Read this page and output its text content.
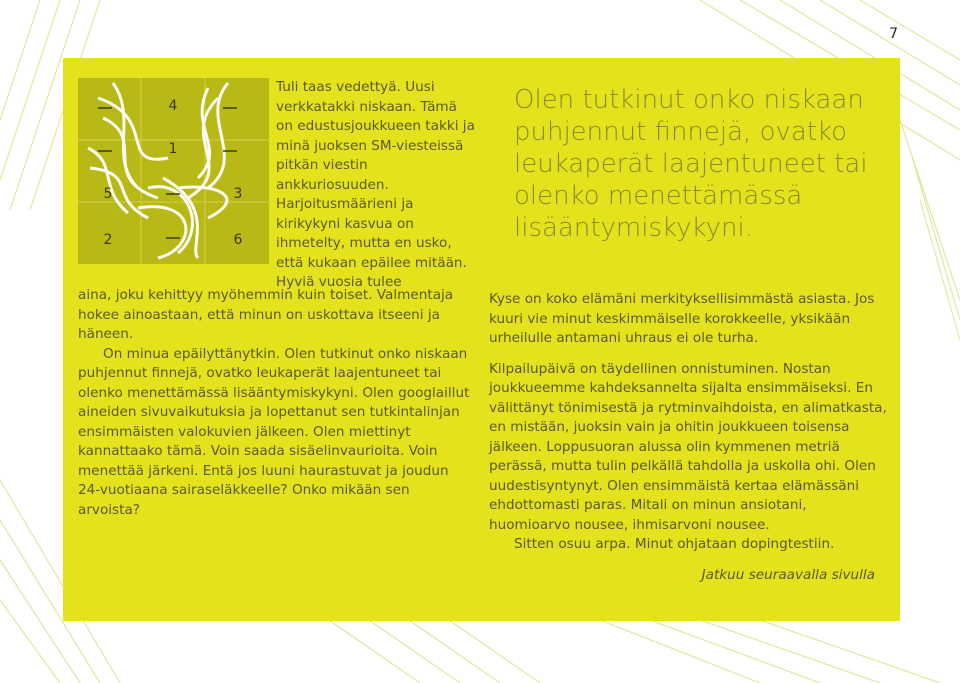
7
4
1
5	3
2	6
Tuli taas vedettyä. Uusi verkkatakki niskaan. Tämä on edustusjoukkueen takki ja minä juoksen SM-viesteissä pitkän viestin ankkuriosuuden. Harjoitusmäärieni ja kirikykyni kasvua on ihmetelty, mutta en usko, että kukaan epäilee mitään. Hyviä vuosia tulee

aina, joku kehittyy myöhemmin kuin toiset. Valmentaja hokee ainoastaan, että minun on uskottava itseeni ja häneen.

On minua epäilyttänytkin. Olen tutkinut onko niskaan puhjennut finnejä, ovatko leukaperät laajentuneet tai olenko menettämässä lisääntymiskykyni. Olen googlaillut aineiden sivuvaikutuksia ja lopettanut sen tutkintalinjan ensimmäisten valokuvien jälkeen. Olen miettinyt kannattaako tämä. Voin saada sisäelinvaurioita. Voin menettää järkeni. Entä jos luuni haurastuvat ja joudun 24-vuotiaana sairaseläkkeelle? Onko mikään sen arvoista?

Olen tutkinut onko niskaan puhjennut finnejä, ovatko leukaperät laajentuneet tai olenko menettämässä lisääntymiskykyni.

Kyse on koko elämäni merkityksellisimmästä asiasta. Jos kuuri vie minut keskimmäiselle korokkeelle, yksikään urheilulle antamani uhraus ei ole turha.

Kilpailupäivä on täydellinen onnistuminen. Nostan joukkueemme kahdeksannelta sijalta ensimmäiseksi. En välittänyt tönimisestä ja rytminvaihdoista, en alimatkasta, en mistään, juoksin vain ja ohitin joukkueen toisensa jälkeen. Loppusuoran alussa olin kymmenen metriä perässä, mutta tulin pelkällä tahdolla ja uskolla ohi. Olen uudestisyntynyt. Olen ensimmäistä kertaa elämässäni ehdottomasti paras. Mitali on minun ansiotani, huomioarvo nousee, ihmisarvoni nousee.

Sitten osuu arpa. Minut ohjataan dopingtestiin.

Jatkuu seuraavalla sivulla
